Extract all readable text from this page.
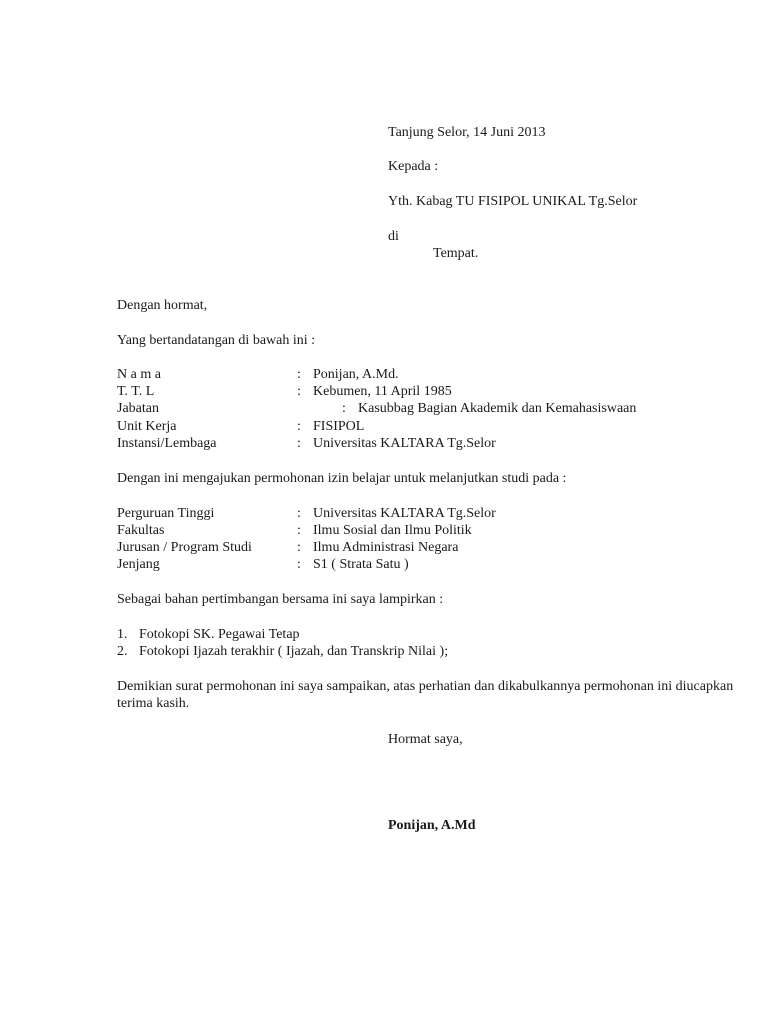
Tanjung Selor, 14 Juni 2013
Kepada :
Yth. Kabag TU FISIPOL UNIKAL Tg.Selor
di
Tempat.
Dengan hormat,
Yang bertandatangan di bawah ini :
N a m a	: Ponijan, A.Md.
T. T. L	: Kebumen, 11 April 1985
Jabatan	: Kasubbag Bagian Akademik dan Kemahasiswaan
Unit Kerja	: FISIPOL
Instansi/Lembaga	: Universitas KALTARA Tg.Selor
Dengan ini mengajukan permohonan izin belajar untuk melanjutkan studi pada :
Perguruan Tinggi	: Universitas KALTARA Tg.Selor
Fakultas	: Ilmu Sosial dan Ilmu Politik
Jurusan / Program Studi	: Ilmu Administrasi Negara
Jenjang	: S1 ( Strata Satu )
Sebagai bahan pertimbangan bersama ini saya lampirkan :
1. Fotokopi SK. Pegawai Tetap
2. Fotokopi Ijazah terakhir ( Ijazah, dan Transkrip Nilai );
Demikian surat permohonan ini saya sampaikan, atas perhatian dan dikabulkannya permohonan ini diucapkan terima kasih.
Hormat saya,
Ponijan, A.Md
